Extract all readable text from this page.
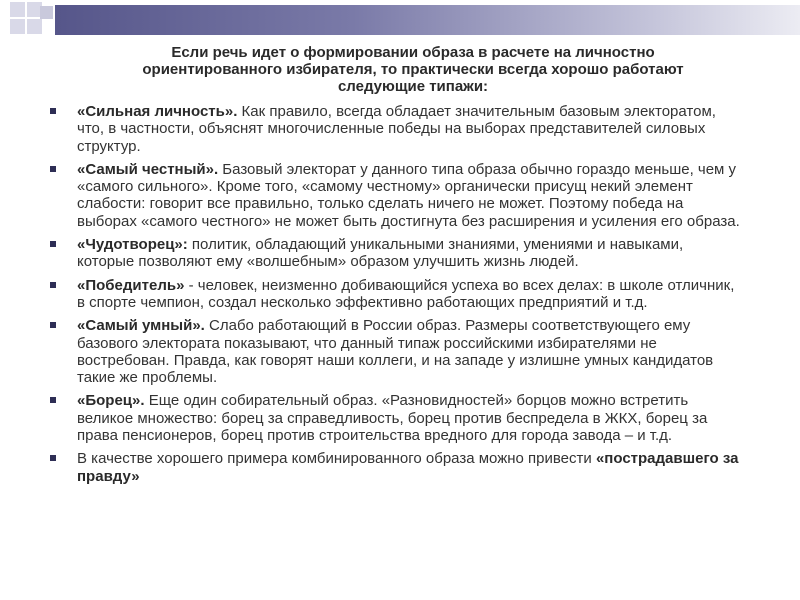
Если речь идет о формировании образа в расчете на личностно
ориентированного избирателя, то практически всегда хорошо работают
следующие типажи:
«Сильная личность». Как правило, всегда обладает значительным базовым электоратом, что, в частности, объяснят многочисленные победы на выборах представителей силовых структур.
«Самый честный». Базовый электорат у данного типа образа обычно гораздо меньше, чем у «самого сильного». Кроме того, «самому честному» органически присущ некий элемент слабости: говорит все правильно, только сделать ничего не может. Поэтому победа на выборах «самого честного» не может быть достигнута без расширения и усиления его образа.
«Чудотворец»: политик, обладающий уникальными знаниями, умениями и навыками, которые позволяют ему «волшебным» образом улучшить жизнь людей.
«Победитель» - человек, неизменно добивающийся успеха во всех делах: в школе отличник, в спорте чемпион, создал несколько эффективно работающих предприятий и т.д.
«Самый умный». Слабо работающий в России образ. Размеры соответствующего ему базового электората показывают, что данный типаж российскими избирателями не востребован. Правда, как говорят наши коллеги, и на западе у излишне умных кандидатов такие же проблемы.
«Борец». Еще один собирательный образ. «Разновидностей» борцов можно встретить великое множество: борец за справедливость, борец против беспредела в ЖКХ, борец за права пенсионеров, борец против строительства вредного для города завода – и т.д.
В качестве хорошего примера комбинированного образа можно привести «пострадавшего за правду»
